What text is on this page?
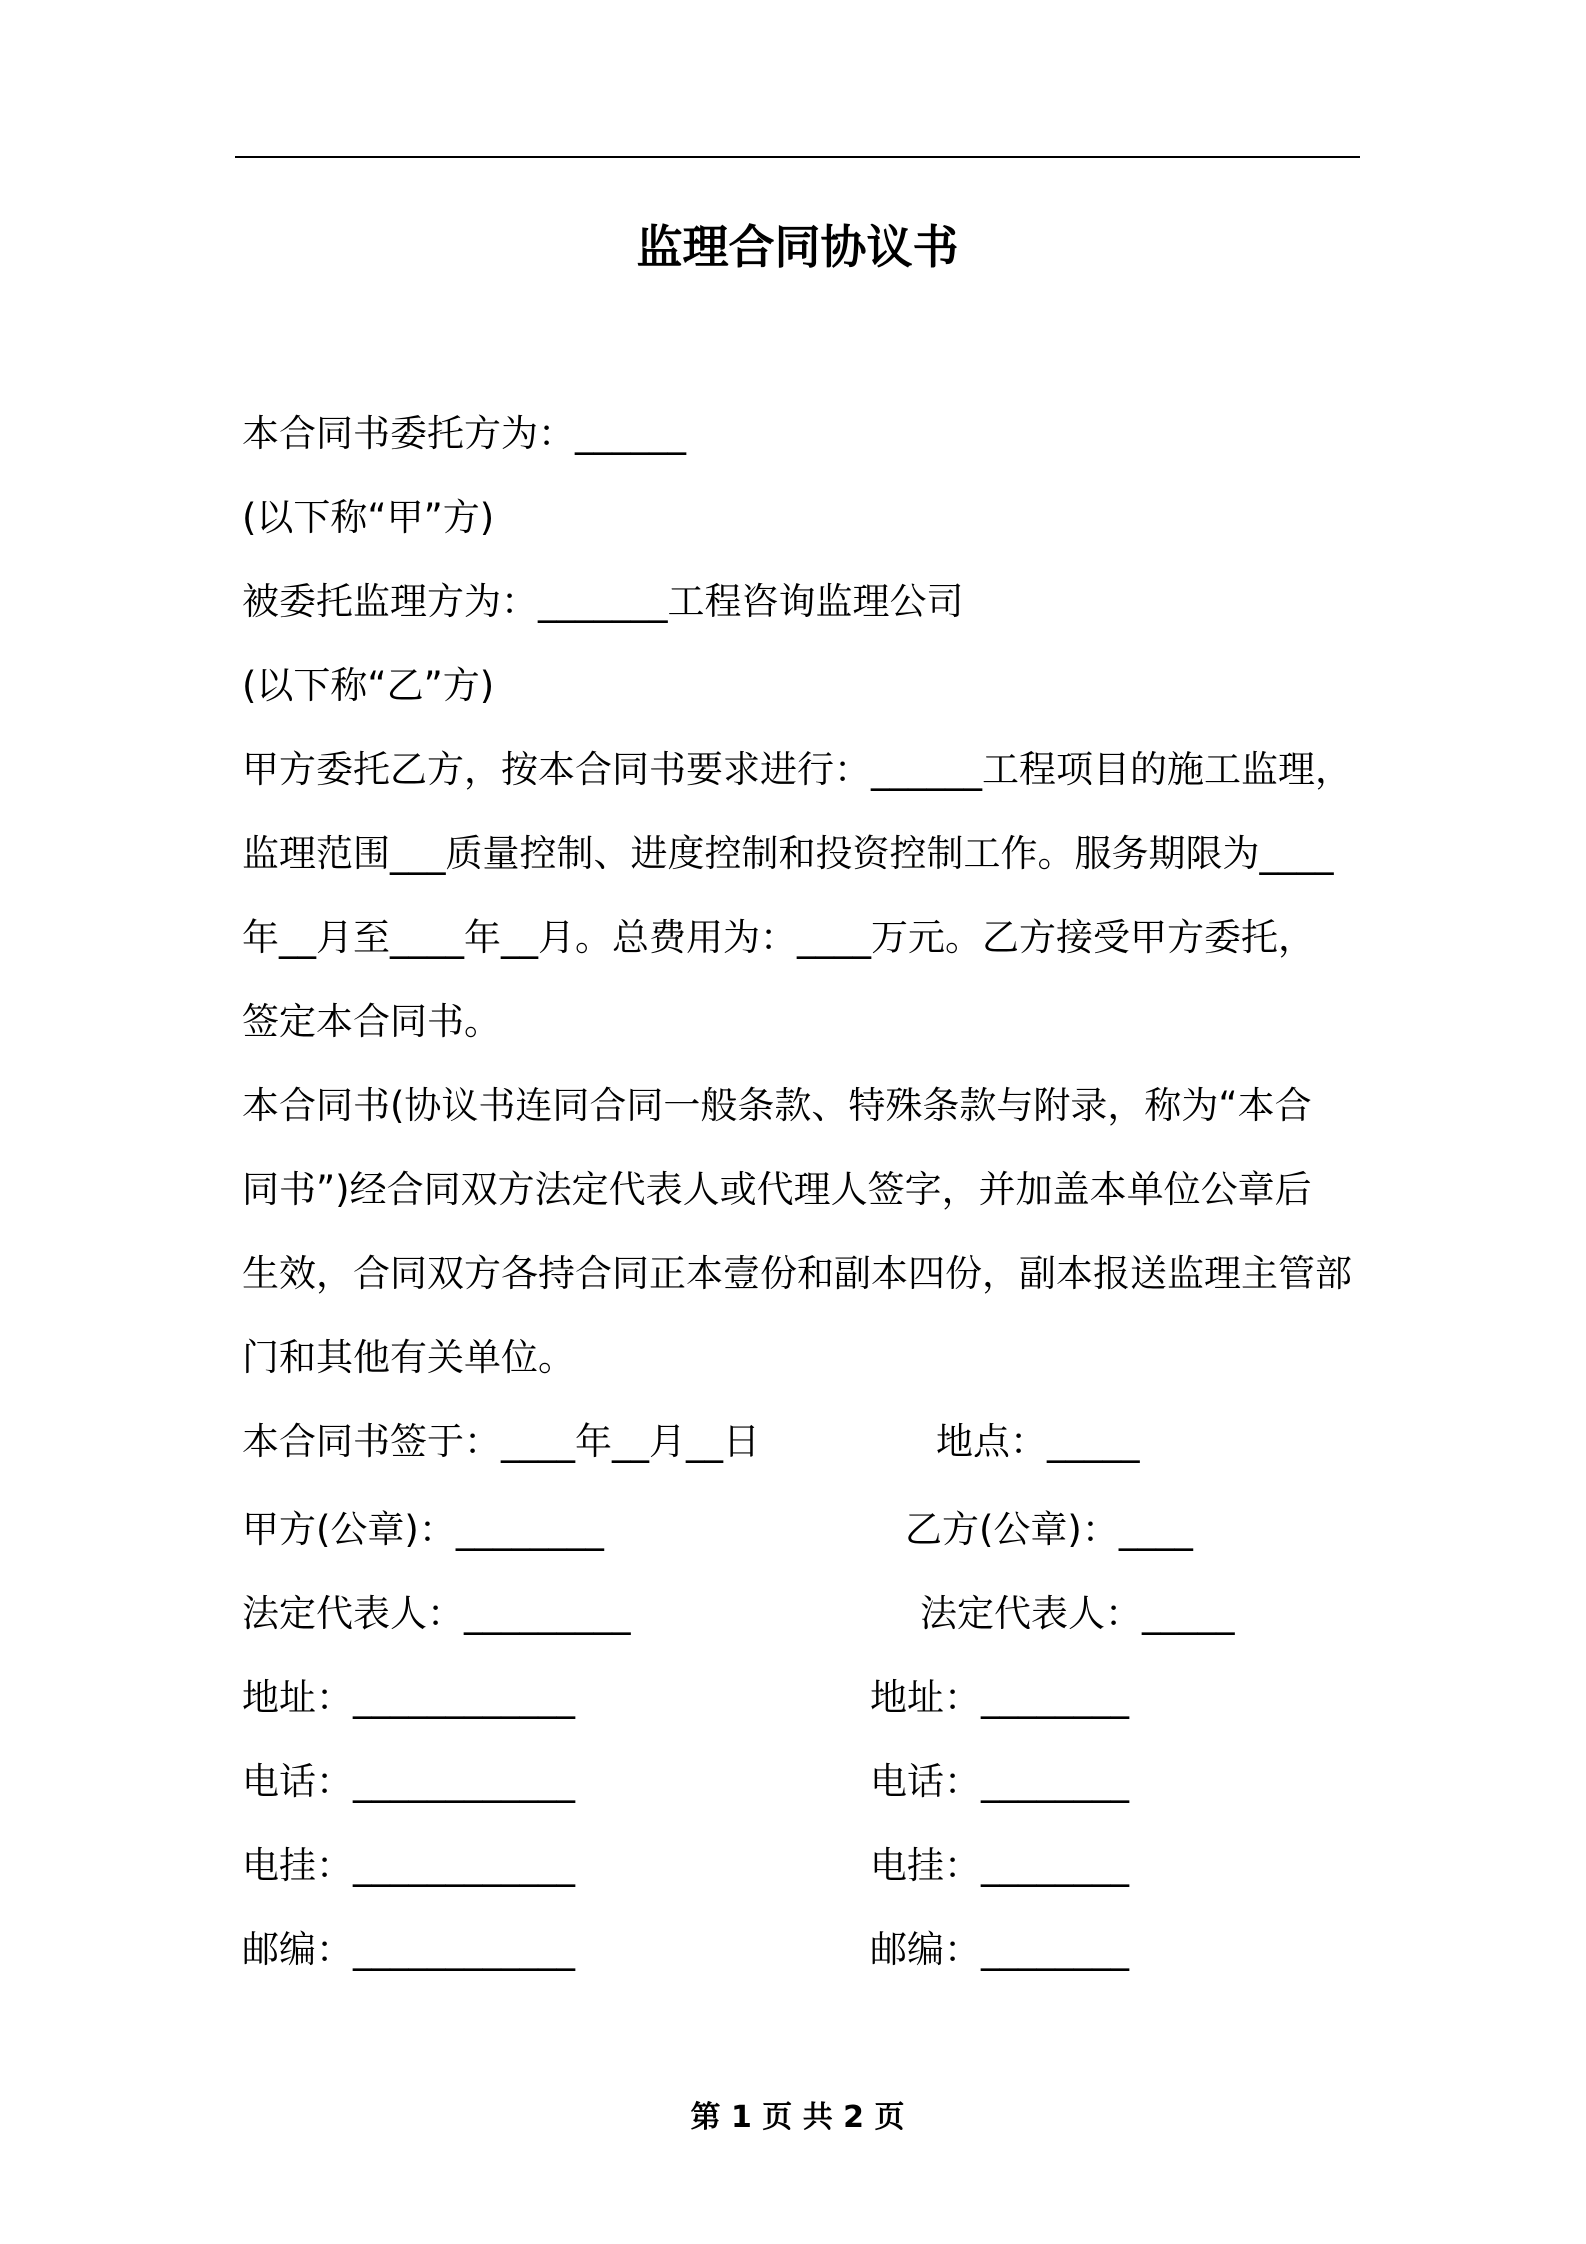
监理合同协议书
本合同书委托方为：______
(以下称“甲”方)
被委托监理方为：_______工程咨询监理公司
(以下称“乙”方)
甲方委托乙方，按本合同书要求进行：______工程项目的施工监理，
监理范围___质量控制、进度控制和投资控制工作。服务期限为____
年__月至____年__月。总费用为：____万元。乙方接受甲方委托，
签定本合同书。
本合同书(协议书连同合同一般条款、特殊条款与附录，称为“本合
同书”)经合同双方法定代表人或代理人签字，并加盖本单位公章后
生效，合同双方各持合同正本壹份和副本四份，副本报送监理主管部
门和其他有关单位。
本合同书签于：____年__月__日	地点：_____
甲方(公章)：________	乙方(公章)：____
法定代表人：_________	法定代表人：_____
地址：____________	地址：________
电话：____________	电话：________
电挂：____________	电挂：________
邮编：____________	邮编：________
第 1 页 共 2 页
